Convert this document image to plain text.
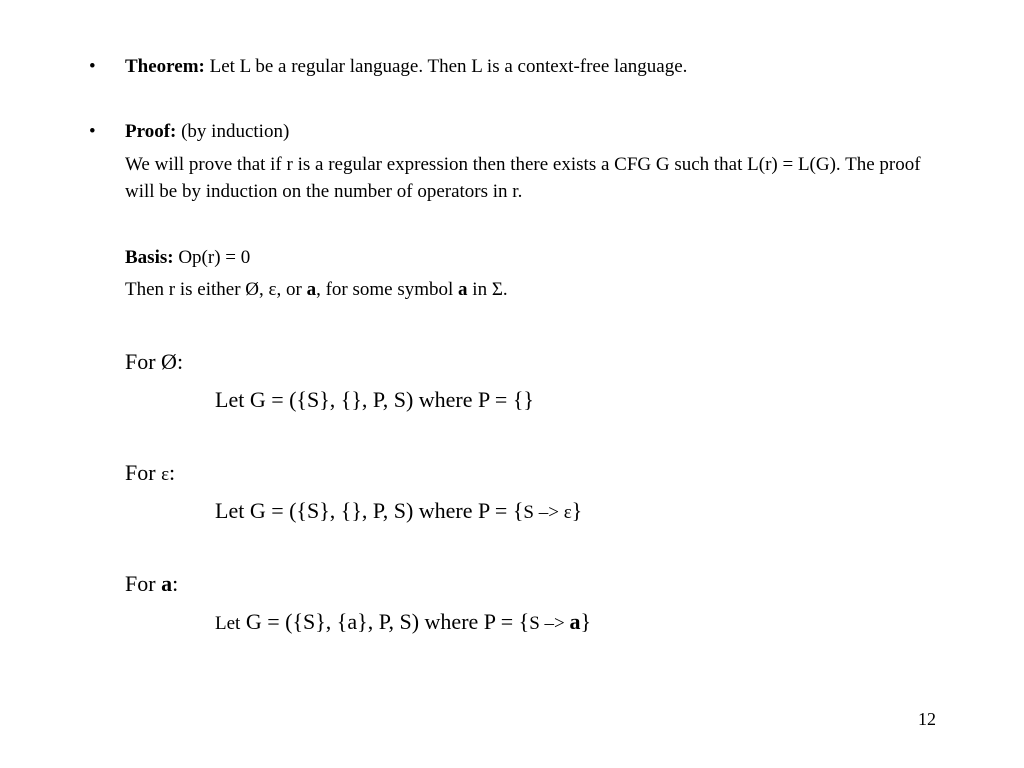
• Theorem: Let L be a regular language. Then L is a context-free language.
• Proof: (by induction)
We will prove that if r is a regular expression then there exists a CFG G such that L(r) = L(G). The proof will be by induction on the number of operators in r.
Basis: Op(r) = 0
Then r is either Ø, ε, or a, for some symbol a in Σ.
For Ø:
Let G = ({S}, {}, P, S) where P = {}
For ε:
Let G = ({S}, {}, P, S) where P = {S –> ε}
For a:
Let G = ({S}, {a}, P, S) where P = {S –> a}
12
